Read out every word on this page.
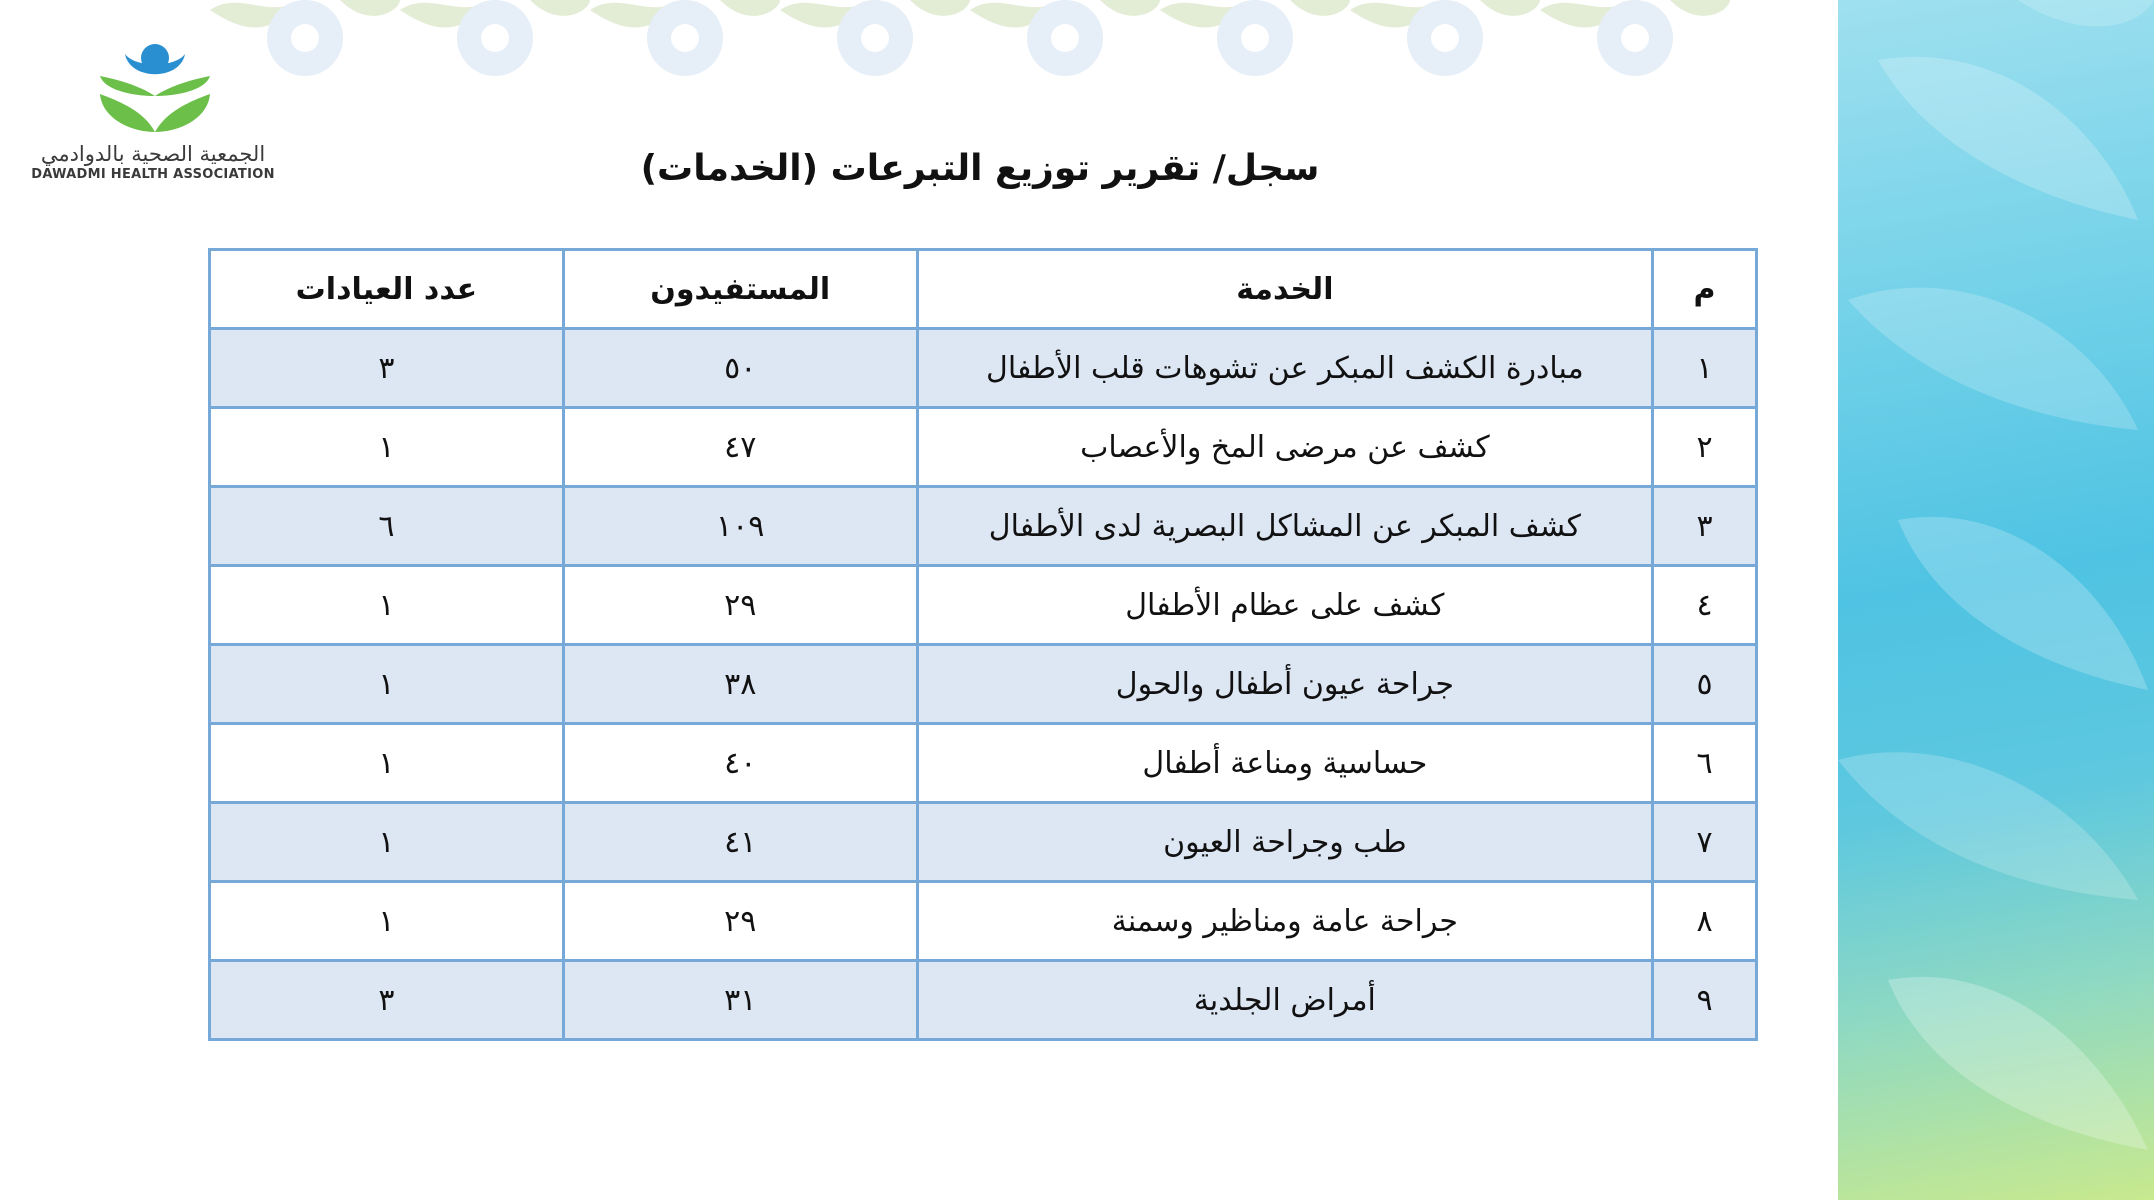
الجمعية الصحية بالدوادمي
DAWADMI HEALTH ASSOCIATION	سجل/ تقرير توزيع التبرعات (الخدمات)
م	الخدمة	المستفيدون	عدد العيادات
١	مبادرة الكشف المبكر عن تشوهات قلب الأطفال	٥٠	٣
٢	كشف عن مرضى المخ والأعصاب	٤٧	١
٣	كشف المبكر عن المشاكل البصرية لدى الأطفال	١٠٩	٦
٤	كشف على عظام الأطفال	٢٩	١
٥	جراحة عيون أطفال والحول	٣٨	١
٦	حساسية ومناعة أطفال	٤٠	١
٧	طب وجراحة العيون	٤١	١
٨	جراحة عامة ومناظير وسمنة	٢٩	١
٩	أمراض الجلدية	٣١	٣
